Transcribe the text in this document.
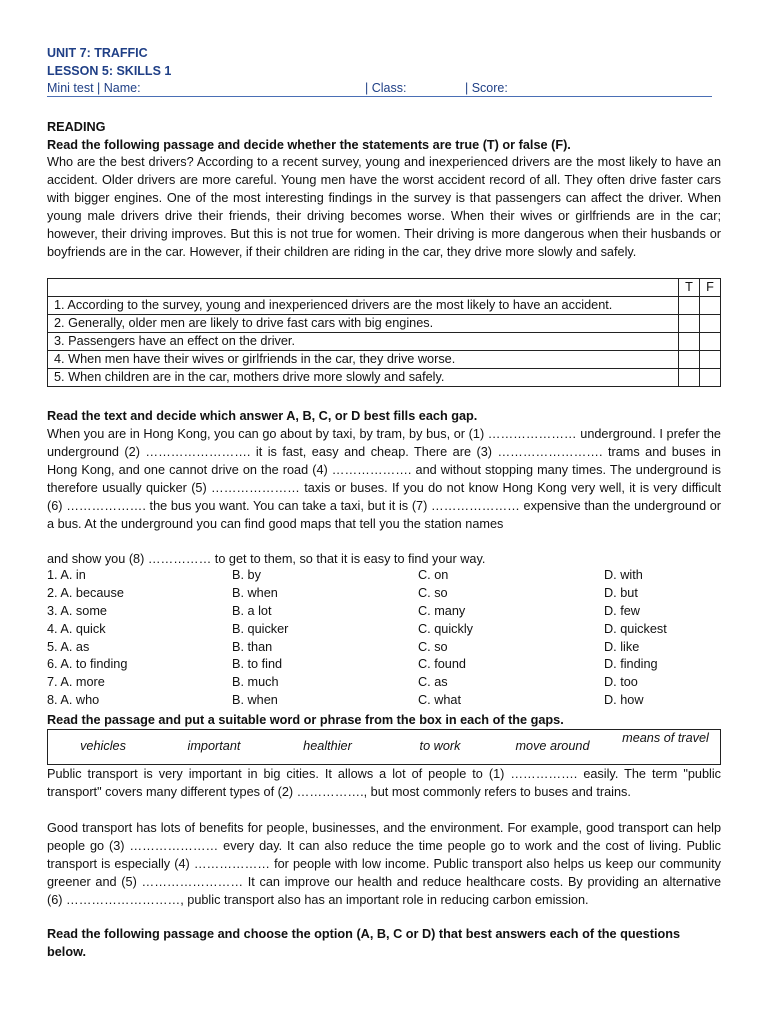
UNIT 7: TRAFFIC
LESSON 5: SKILLS 1
Mini test | Name:	| Class:	| Score:
READING
Read the following passage and decide whether the statements are true (T) or false (F).
Who are the best drivers? According to a recent survey, young and inexperienced drivers are the most likely to have an accident. Older drivers are more careful. Young men have the worst accident record of all. They often drive faster cars with bigger engines. One of the most interesting findings in the survey is that passengers can affect the driver. When young male drivers drive their friends, their driving becomes worse. When their wives or girlfriends are in the car; however, their driving improves. But this is not true for women. Their driving is more dangerous when their husbands or boyfriends are in the car. However, if their children are riding in the car, they drive more slowly and safely.
	T	F
1. According to the survey, young and inexperienced drivers are the most likely to have an accident.		
2. Generally, older men are likely to drive fast cars with big engines.		
3. Passengers have an effect on the driver.		
4. When men have their wives or girlfriends in the car, they drive worse.		
5. When children are in the car, mothers drive more slowly and safely.		
Read the text and decide which answer A, B, C, or D best fills each gap.
When you are in Hong Kong, you can go about by taxi, by tram, by bus, or (1) ………………… underground. I prefer the underground (2) ……………………. it is fast, easy and cheap. There are (3) ……………………. trams and buses in Hong Kong, and one cannot drive on the road (4) ………………. and without stopping many times. The underground is therefore usually quicker (5) ………………… taxis or buses. If you do not know Hong Kong very well, it is very difficult (6) ………………. the bus you want. You can take a taxi, but it is (7) ………………… expensive than the underground or a bus. At the underground you can find good maps that tell you the station names
and show you (8) …………… to get to them, so that it is easy to find your way.
1. A. in	B. by	C. on	D. with
2. A. because	B. when	C. so	D. but
3. A. some	B. a lot	C. many	D. few
4. A. quick	B. quicker	C. quickly	D. quickest
5. A. as	B. than	C. so	D. like
6. A. to finding	B. to find	C. found	D. finding
7. A. more	B. much	C. as	D. too
8. A. who	B. when	C. what	D. how
Read the passage and put a suitable word or phrase from the box in each of the gaps.
vehicles	important	healthier	to work	move around
means of travel
Public transport is very important in big cities. It allows a lot of people to (1) ……………. easily. The term "public transport" covers many different types of (2) ……………., but most commonly refers to buses and trains.
Good transport has lots of benefits for people, businesses, and the environment. For example, good transport can help people go (3) ………………… every day. It can also reduce the time people go to work and the cost of living. Public transport is especially (4) ……………… for people with low income. Public transport also helps us keep our community greener and (5) …………………… It can improve our health and reduce healthcare costs. By providing an alternative (6) ………………………, public transport also has an important role in reducing carbon emission.
Read the following passage and choose the option (A, B, C or D) that best answers each of the questions below.
